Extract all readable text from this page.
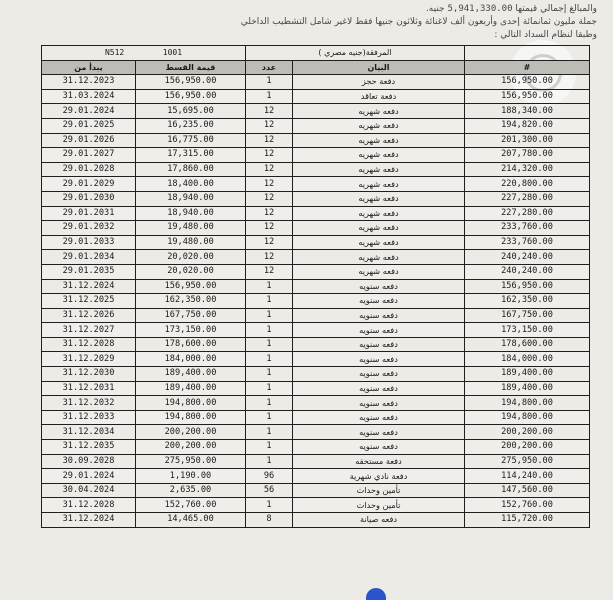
والمبالغ إجمالي قيمتها 5,941,330.00 جنيه.
جملة مليون ثمانمائة إحدى وأربعون ألف لاغنائة وثلاثون جنيها فقط لاغير شامل التشطيب الداخلي
وطبقا لنظام السداد التالي :
N512 1001		المرفقة(جنيه مصري )		
يبدأ من	قيمة القسط	عدد	البيان	#
31.12.2023	156,950.00	1	دفعة حجز	156,950.00
31.03.2024	156,950.00	1	دفعة تعاقد	156,950.00
29.01.2024	15,695.00	12	دفعه شهريه	188,340.00
29.01.2025	16,235.00	12	دفعه شهريه	194,820.00
29.01.2026	16,775.00	12	دفعه شهريه	201,300.00
29.01.2027	17,315.00	12	دفعه شهريه	207,780.00
29.01.2028	17,860.00	12	دفعه شهريه	214,320.00
29.01.2029	18,400.00	12	دفعه شهريه	220,800.00
29.01.2030	18,940.00	12	دفعه شهريه	227,280.00
29.01.2031	18,940.00	12	دفعه شهريه	227,280.00
29.01.2032	19,480.00	12	دفعه شهريه	233,760.00
29.01.2033	19,480.00	12	دفعه شهريه	233,760.00
29.01.2034	20,020.00	12	دفعه شهريه	240,240.00
29.01.2035	20,020.00	12	دفعه شهريه	240,240.00
31.12.2024	156,950.00	1	دفعه سنويه	156,950.00
31.12.2025	162,350.00	1	دفعه سنويه	162,350.00
31.12.2026	167,750.00	1	دفعه سنويه	167,750.00
31.12.2027	173,150.00	1	دفعه سنويه	173,150.00
31.12.2028	178,600.00	1	دفعه سنويه	178,600.00
31.12.2029	184,000.00	1	دفعه سنويه	184,000.00
31.12.2030	189,400.00	1	دفعه سنويه	189,400.00
31.12.2031	189,400.00	1	دفعه سنويه	189,400.00
31.12.2032	194,800.00	1	دفعه سنويه	194,800.00
31.12.2033	194,800.00	1	دفعه سنويه	194,800.00
31.12.2034	200,200.00	1	دفعه سنويه	200,200.00
31.12.2035	200,200.00	1	دفعه سنويه	200,200.00
30.09.2028	275,950.00	1	دفعة مستحقه	275,950.00
29.01.2024	1,190.00	96	دفعة نادي شهرية	114,240.00
30.04.2024	2,635.00	56	تأمين وحدات	147,560.00
31.12.2028	152,760.00	1	تأمين وحدات	152,760.00
31.12.2024	14,465.00	8	دفعه صيانة	115,720.00
